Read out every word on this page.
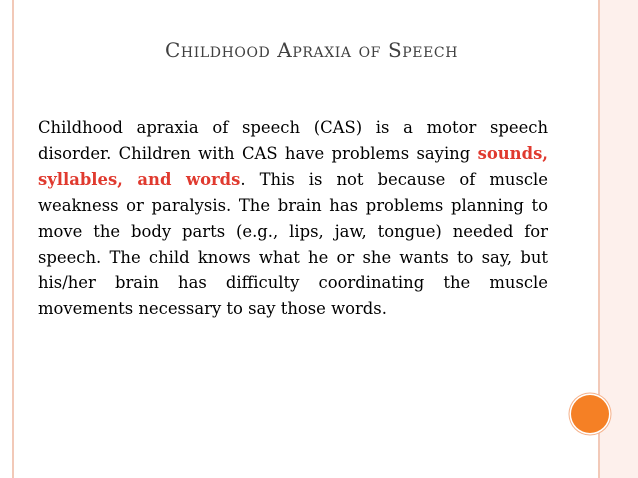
Childhood Apraxia of Speech

Childhood apraxia of speech (CAS) is a motor speech disorder. Children with CAS have problems saying sounds, syllables, and words. This is not because of muscle weakness or paralysis. The brain has problems planning to move the body parts (e.g., lips, jaw, tongue) needed for speech. The child knows what he or she wants to say, but his/her brain has difficulty coordinating the muscle movements necessary to say those words.
